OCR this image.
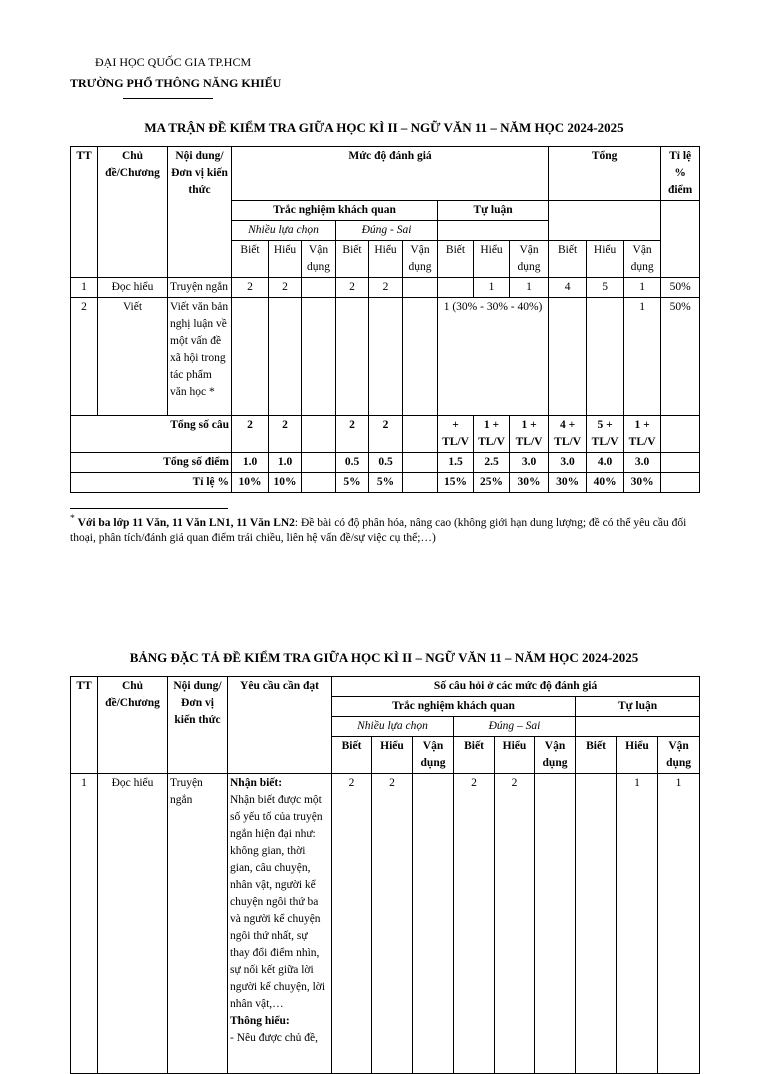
ĐẠI HỌC QUỐC GIA TP.HCM
TRƯỜNG PHỔ THÔNG NĂNG KHIẾU
MA TRẬN ĐỀ KIỂM TRA GIỮA HỌC KÌ II – NGỮ VĂN 11 – NĂM HỌC 2024-2025
TT	Chủ đề/Chương	Nội dung/Đơn vị kiến thức	Mức độ đánh giá									Tổng			Tỉ lệ % điểm
			Trắc nghiệm khách quan						Tự luận						
			Nhiều lựa chọn			Đúng - Sai									
			Biết	Hiểu	Vận dụng	Biết	Hiểu	Vận dụng	Biết	Hiểu	Vận dụng	Biết	Hiểu	Vận dụng	
1	Đọc hiểu	Truyện ngắn	2	2		2	2			1	1	4	5	1	50%
2	Viết	Viết văn bản nghị luận về một vấn đề xã hội trong tác phẩm văn học *							1 (30% - 30% - 40%)					1	50%
Tổng số câu			2	2		2	2		+ TL/V	1 + TL/V	1 + TL/V	4 + TL/V	5 + TL/V	1 + TL/V	
Tổng số điểm			1.0	1.0		0.5	0.5		1.5	2.5	3.0	3.0	4.0	3.0	
Tỉ lệ %			10%	10%		5%	5%		15%	25%	30%	30%	40%	30%	
* Với ba lớp 11 Văn, 11 Văn LN1, 11 Văn LN2: Đề bài có độ phân hóa, nâng cao (không giới hạn dung lượng; đề có thể yêu cầu đối thoại, phân tích/đánh giá quan điểm trái chiều, liên hệ vấn đề/sự việc cụ thể;…)
BẢNG ĐẶC TẢ ĐỀ KIỂM TRA GIỮA HỌC KÌ II – NGỮ VĂN 11 – NĂM HỌC 2024-2025
TT	Chủ đề/Chương	Nội dung/Đơn vị kiến thức	Yêu cầu cần đạt	Số câu hỏi ở các mức độ đánh giá								
				Trắc nghiệm khách quan						Tự luận		
				Nhiều lựa chọn			Đúng – Sai					
				Biết	Hiểu	Vận dụng	Biết	Hiểu	Vận dụng	Biết	Hiểu	Vận dụng
1	Đọc hiểu	Truyện ngắn	Nhận biết:
Nhận biết được một số yếu tố của truyện ngắn hiện đại như: không gian, thời gian, câu chuyện, nhân vật, người kể chuyện ngôi thứ ba và người kể chuyện ngôi thứ nhất, sự thay đổi điểm nhìn, sự nối kết giữa lời người kể chuyện, lời nhân vật,…
Thông hiểu:
- Nêu được chủ đề,	2	2		2	2			1	1
